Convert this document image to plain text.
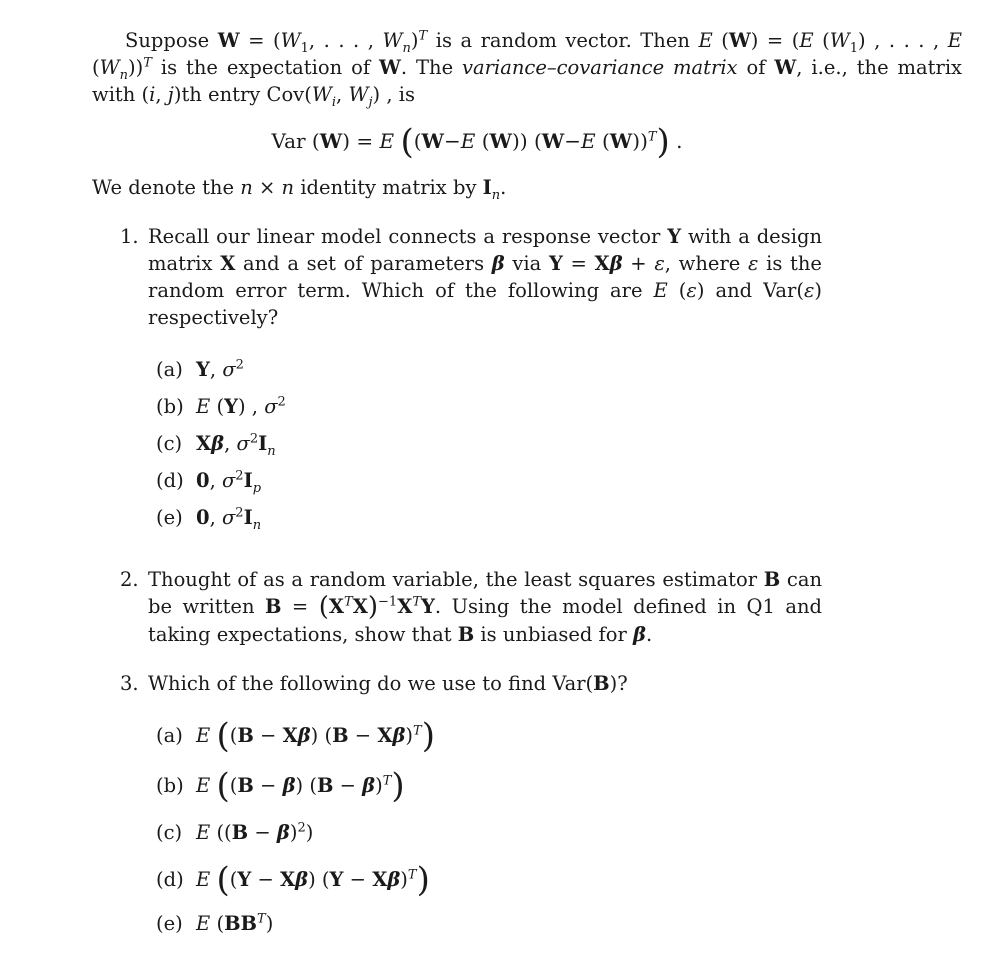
Suppose $W = (W_1$, . . . , $W_n)^T$ is a random vector. Then E (W) = (E $(W_1)$ , . . . , E $(W_n))^T$ is the expectation of W. The variance–covariance matrix of W, i.e., the matrix with (i, j)th entry $Cov(W_i$, $W_j$) , is

Var (W) = E ((W−E (W)) (W−E (W))$^T$) .

We denote the n × n identity matrix by $I_n$.

1. Recall our linear model connects a response vector Y with a design matrix X and a set of parameters β via Y = Xβ + ε, where ε is the random error term. Which of the following are E (ε) and Var(ε) respectively?

(a) Y, $\sigma^2$
(b) E (Y) , $\sigma^2$
(c) Xβ, $\sigma^2I_n$
(d) 0, $\sigma^2I_p$
(e) 0, $\sigma^2I_n$
2. Thought of as a random variable, the least squares estimator B can be written $B = (X^TX)^{-1}X^TY$. Using the model defined in Q1 and taking expectations, show that B is unbiased for β.

3. Which of the following do we use to find Var(B)?

(a) E ((B − Xβ) $(B - X\beta)^T$)
(b) E ((B − β) $(B - \beta)^T$)
(c) E $((B - \beta)^2)$
(d) E ((Y − Xβ) $(Y - X\beta)^T$)
(e) E $(BB^T)$
